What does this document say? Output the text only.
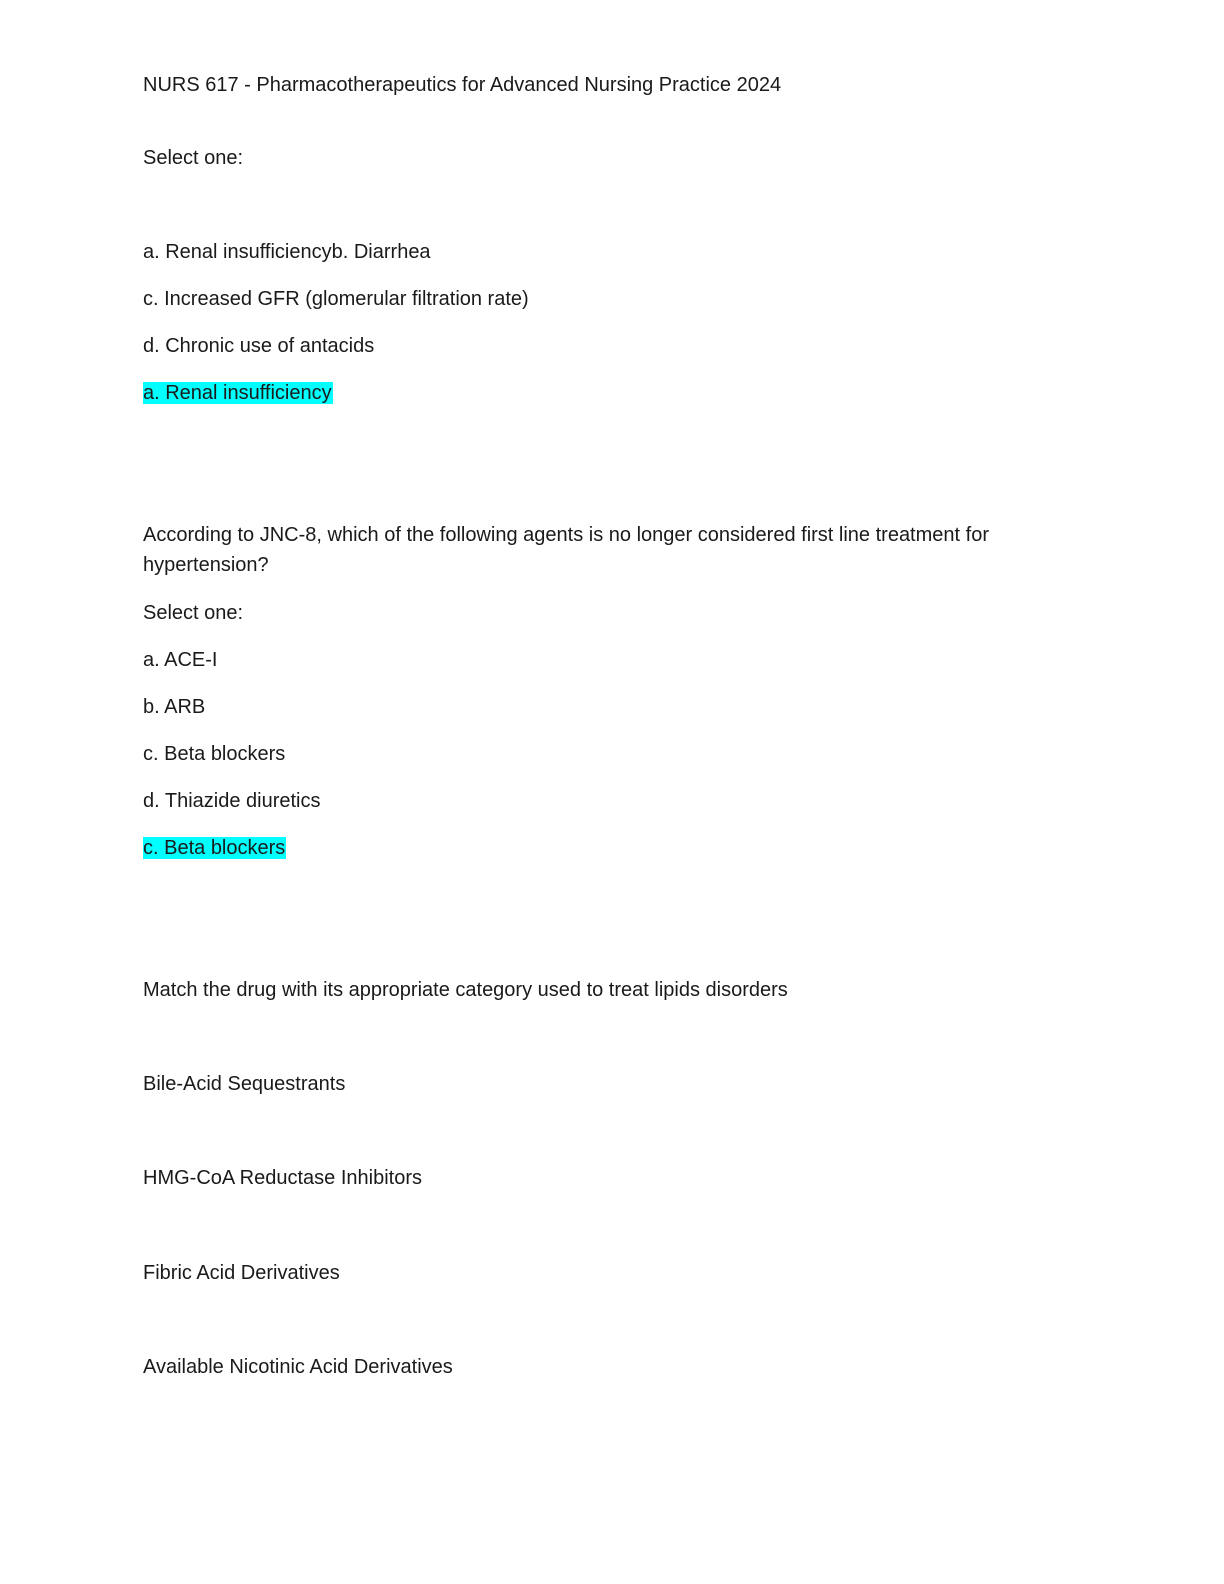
NURS 617 - Pharmacotherapeutics for Advanced Nursing Practice 2024
Select one:
a. Renal insufficiencyb. Diarrhea
c. Increased GFR (glomerular filtration rate)
d. Chronic use of antacids
a. Renal insufficiency
According to JNC-8, which of the following agents is no longer considered first line treatment for hypertension?
Select one:
a. ACE-I
b. ARB
c. Beta blockers
d. Thiazide diuretics
c. Beta blockers
Match the drug with its appropriate category used to treat lipids disorders
Bile-Acid Sequestrants
HMG-CoA Reductase Inhibitors
Fibric Acid Derivatives
Available Nicotinic Acid Derivatives
